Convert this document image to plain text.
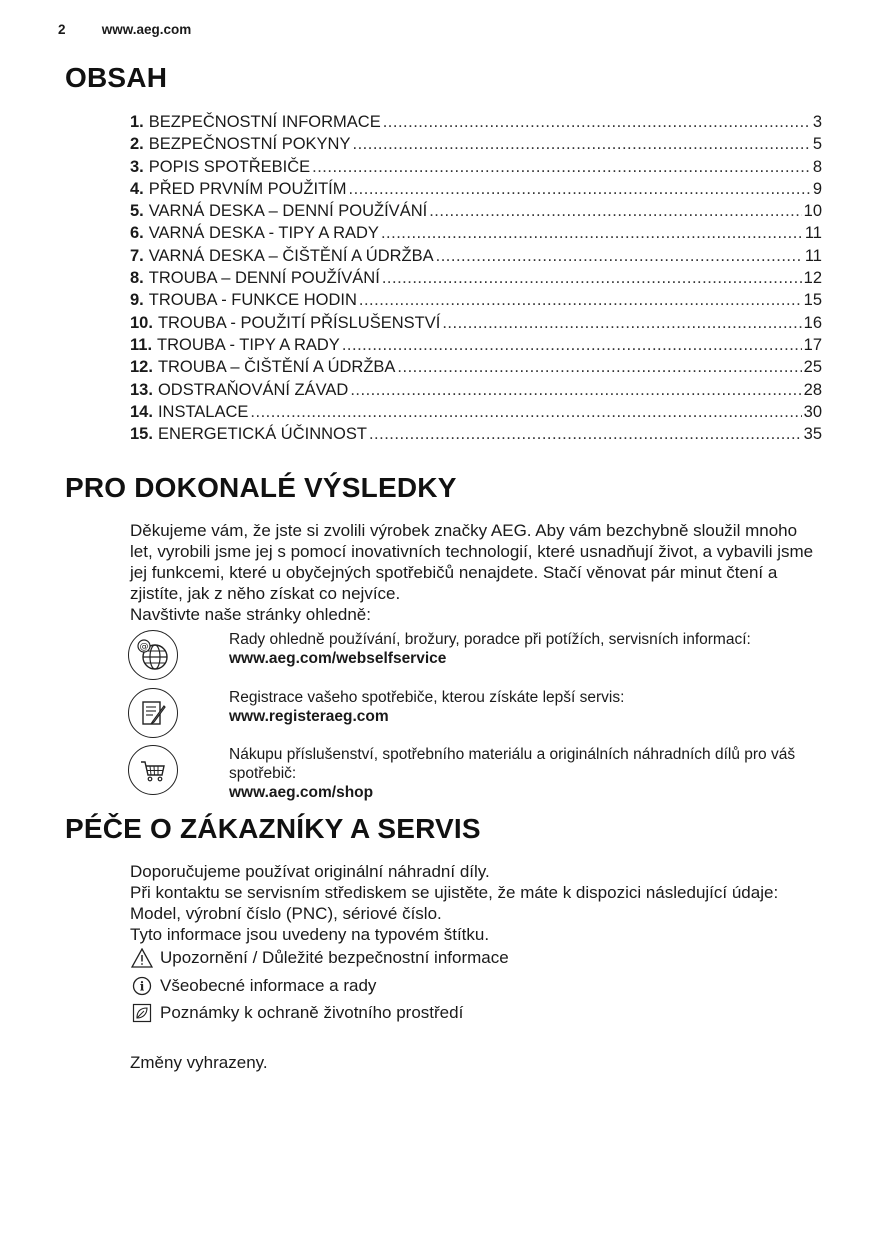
2	www.aeg.com
OBSAH
1. BEZPEČNOSTNÍ INFORMACE .....	3
2. BEZPEČNOSTNÍ POKYNY .....	5
3. POPIS SPOTŘEBIČE .....	8
4. PŘED PRVNÍM POUŽITÍM .....	9
5. VARNÁ DESKA – DENNÍ POUŽÍVÁNÍ .....	10
6. VARNÁ DESKA - TIPY A RADY .....	11
7. VARNÁ DESKA – ČIŠTĚNÍ A ÚDRŽBA .....	11
8. TROUBA – DENNÍ POUŽÍVÁNÍ .....	12
9. TROUBA - FUNKCE HODIN .....	15
10. TROUBA - POUŽITÍ PŘÍSLUŠENSTVÍ .....	16
11. TROUBA - TIPY A RADY .....	17
12. TROUBA – ČIŠTĚNÍ A ÚDRŽBA .....	25
13. ODSTRAŇOVÁNÍ ZÁVAD .....	28
14. INSTALACE .....	30
15. ENERGETICKÁ ÚČINNOST .....	35
PRO DOKONALÉ VÝSLEDKY

Děkujeme vám, že jste si zvolili výrobek značky AEG. Aby vám bezchybně sloužil mnoho let, vyrobili jsme jej s pomocí inovativních technologií, které usnadňují život, a vybavili jsme jej funkcemi, které u obyčejných spotřebičů nenajdete. Stačí věnovat pár minut čtení a zjistíte, jak z něho získat co nejvíce.

Navštivte naše stránky ohledně:

@	Rady ohledně používání, brožury, poradce při potížích, servisních informací:
www.aeg.com/webselfservice
Registrace vašeho spotřebiče, kterou získáte lepší servis:
www.registeraeg.com
Nákupu příslušenství, spotřebního materiálu a originálních náhradních dílů pro váš spotřebič:
www.aeg.com/shop
PÉČE O ZÁKAZNÍKY A SERVIS

Doporučujeme používat originální náhradní díly.

Při kontaktu se servisním střediskem se ujistěte, že máte k dispozici následující údaje: Model, výrobní číslo (PNC), sériové číslo.

Tyto informace jsou uvedeny na typovém štítku.

Upozornění / Důležité bezpečnostní informace
i Všeobecné informace a rady
Poznámky k ochraně životního prostředí
Změny vyhrazeny.
